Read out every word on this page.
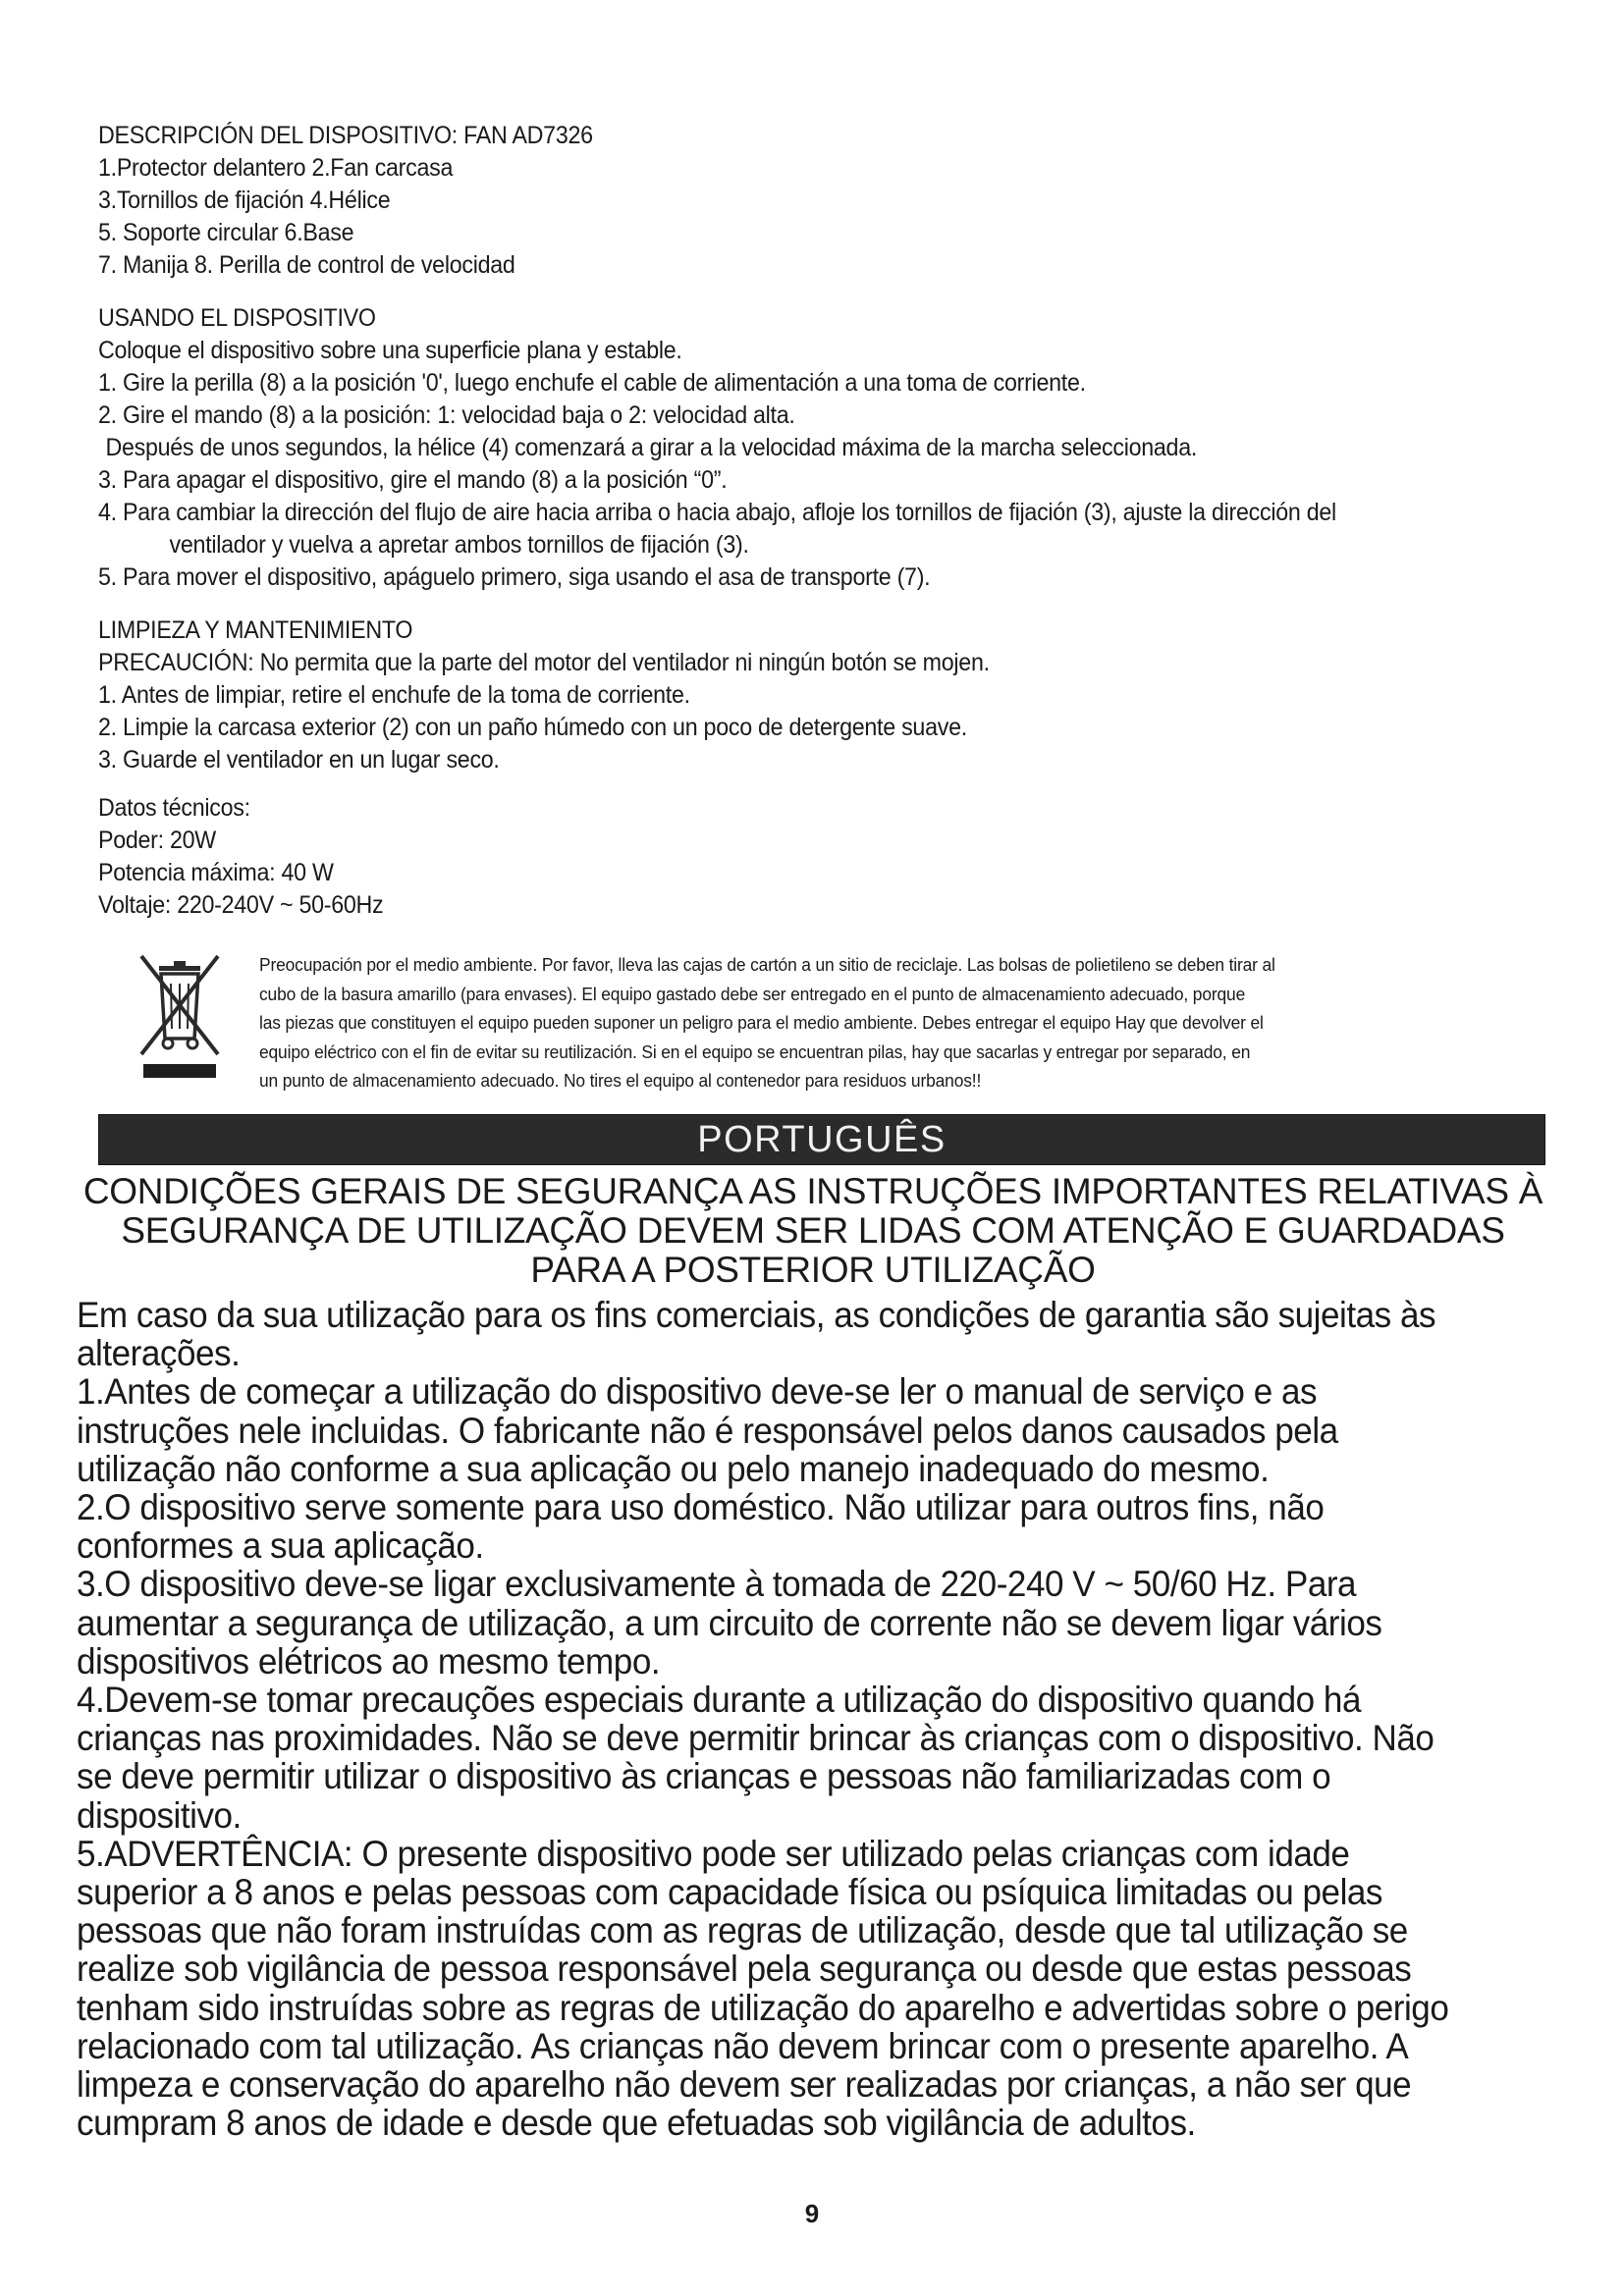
DESCRIPCIÓN DEL DISPOSITIVO: FAN AD7326

1.Protector delantero 2.Fan carcasa

3.Tornillos de fijación 4.Hélice

5. Soporte circular 6.Base

7. Manija 8. Perilla de control de velocidad

USANDO EL DISPOSITIVO

Coloque el dispositivo sobre una superficie plana y estable.

1. Gire la perilla (8) a la posición '0', luego enchufe el cable de alimentación a una toma de corriente.

2. Gire el mando (8) a la posición: 1: velocidad baja o 2: velocidad alta.

Después de unos segundos, la hélice (4) comenzará a girar a la velocidad máxima de la marcha seleccionada.

3. Para apagar el dispositivo, gire el mando (8) a la posición “0”.

4. Para cambiar la dirección del flujo de aire hacia arriba o hacia abajo, afloje los tornillos de fijación (3), ajuste la dirección del

ventilador y vuelva a apretar ambos tornillos de fijación (3).

5. Para mover el dispositivo, apáguelo primero, siga usando el asa de transporte (7).

LIMPIEZA Y MANTENIMIENTO

PRECAUCIÓN: No permita que la parte del motor del ventilador ni ningún botón se mojen.

1. Antes de limpiar, retire el enchufe de la toma de corriente.

2. Limpie la carcasa exterior (2) con un paño húmedo con un poco de detergente suave.

3. Guarde el ventilador en un lugar seco.

Datos técnicos:

Poder: 20W

Potencia máxima: 40 W

Voltaje: 220-240V ~ 50-60Hz

Preocupación por el medio ambiente. Por favor, lleva las cajas de cartón a un sitio de reciclaje. Las bolsas de polietileno se deben tirar al

cubo de la basura amarillo (para envases). El equipo gastado debe ser entregado en el punto de almacenamiento adecuado, porque

las piezas que constituyen el equipo pueden suponer un peligro para el medio ambiente. Debes entregar el equipo Hay que devolver el

equipo eléctrico con el fin de evitar su reutilización. Si en el equipo se encuentran pilas, hay que sacarlas y entregar por separado, en

un punto de almacenamiento adecuado. No tires el equipo al contenedor para residuos urbanos!!

PORTUGUÊS

CONDIÇÕES GERAIS DE SEGURANÇA AS INSTRUÇÕES IMPORTANTES RELATIVAS À

SEGURANÇA DE UTILIZAÇÃO DEVEM SER LIDAS COM ATENÇÃO E GUARDADAS

PARA A POSTERIOR UTILIZAÇÃO

Em caso da sua utilização para os fins comerciais, as condições de garantia são sujeitas às

alterações.

1.Antes de começar a utilização do dispositivo deve-se ler o manual de serviço e as

instruções nele incluidas. O fabricante não é responsável pelos danos causados pela

utilização não conforme a sua aplicação ou pelo manejo inadequado do mesmo.

2.O dispositivo serve somente para uso doméstico. Não utilizar para outros fins, não

conformes a sua aplicação.

3.O dispositivo deve-se ligar exclusivamente à tomada de 220-240 V ~ 50/60 Hz. Para

aumentar a segurança de utilização, a um circuito de corrente não se devem ligar vários

dispositivos elétricos ao mesmo tempo.

4.Devem-se tomar precauções especiais durante a utilização do dispositivo quando há

crianças nas proximidades. Não se deve permitir brincar às crianças com o dispositivo. Não

se deve permitir utilizar o dispositivo às crianças e pessoas não familiarizadas com o

dispositivo.

5.ADVERTÊNCIA: O presente dispositivo pode ser utilizado pelas crianças com idade

superior a 8 anos e pelas pessoas com capacidade física ou psíquica limitadas ou pelas

pessoas que não foram instruídas com as regras de utilização, desde que tal utilização se

realize sob vigilância de pessoa responsável pela segurança ou desde que estas pessoas

tenham sido instruídas sobre as regras de utilização do aparelho e advertidas sobre o perigo

relacionado com tal utilização. As crianças não devem brincar com o presente aparelho. A

limpeza e conservação do aparelho não devem ser realizadas por crianças, a não ser que

cumpram 8 anos de idade e desde que efetuadas sob vigilância de adultos.

9
